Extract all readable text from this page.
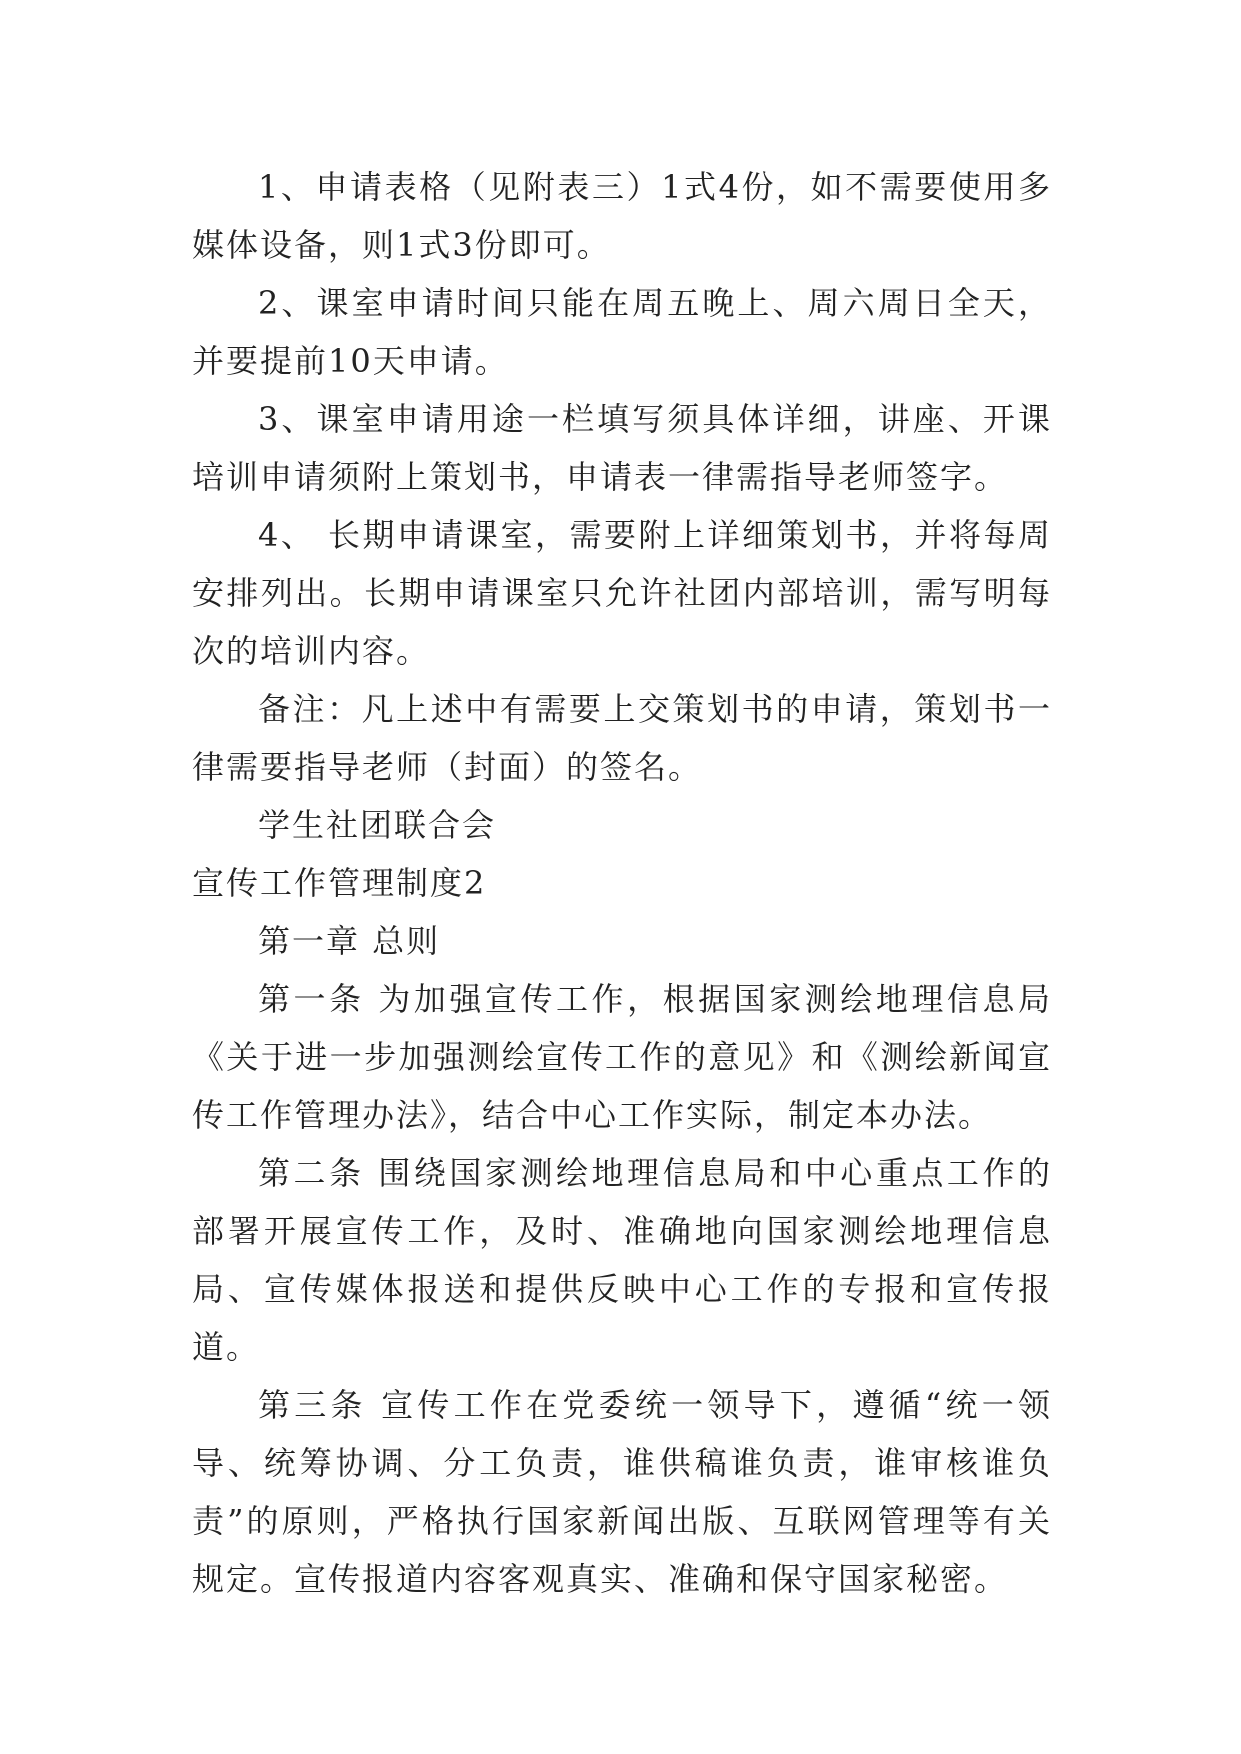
1、申请表格（见附表三）1式4份，如不需要使用多媒体设备，则1式3份即可。

2、课室申请时间只能在周五晚上、周六周日全天，并要提前10天申请。

3、课室申请用途一栏填写须具体详细，讲座、开课培训申请须附上策划书，申请表一律需指导老师签字。

4、 长期申请课室，需要附上详细策划书，并将每周安排列出。长期申请课室只允许社团内部培训，需写明每次的培训内容。

备注：凡上述中有需要上交策划书的申请，策划书一律需要指导老师（封面）的签名。

学生社团联合会

宣传工作管理制度2

第一章 总则

第一条 为加强宣传工作，根据国家测绘地理信息局《关于进一步加强测绘宣传工作的意见》和《测绘新闻宣传工作管理办法》，结合中心工作实际，制定本办法。

第二条 围绕国家测绘地理信息局和中心重点工作的部署开展宣传工作，及时、准确地向国家测绘地理信息局、宣传媒体报送和提供反映中心工作的专报和宣传报道。

第三条 宣传工作在党委统一领导下，遵循“统一领导、统筹协调、分工负责，谁供稿谁负责，谁审核谁负责”的原则，严格执行国家新闻出版、互联网管理等有关规定。宣传报道内容客观真实、准确和保守国家秘密。
